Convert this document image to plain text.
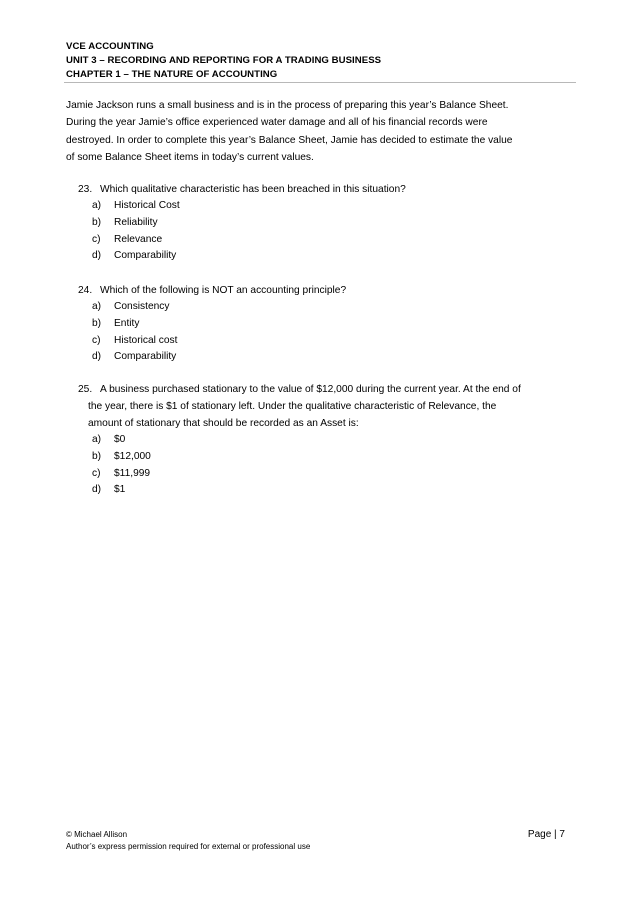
VCE ACCOUNTING
UNIT 3 – RECORDING AND REPORTING FOR A TRADING BUSINESS
CHAPTER 1 – THE NATURE OF ACCOUNTING
Jamie Jackson runs a small business and is in the process of preparing this year’s Balance Sheet.
During the year Jamie’s office experienced water damage and all of his financial records were
destroyed. In order to complete this year’s Balance Sheet, Jamie has decided to estimate the value
of some Balance Sheet items in today’s current values.
23. Which qualitative characteristic has been breached in this situation?
a)	Historical Cost
b)	Reliability
c)	Relevance
d)	Comparability
24. Which of the following is NOT an accounting principle?
a)	Consistency
b)	Entity
c)	Historical cost
d)	Comparability
25. A business purchased stationary to the value of $12,000 during the current year. At the end of
the year, there is $1 of stationary left. Under the qualitative characteristic of Relevance, the
amount of stationary that should be recorded as an Asset is:
a)	$0
b)	$12,000
c)	$11,999
d)	$1
© Michael Allison
Author’s express permission required for external or professional use
Page | 7
